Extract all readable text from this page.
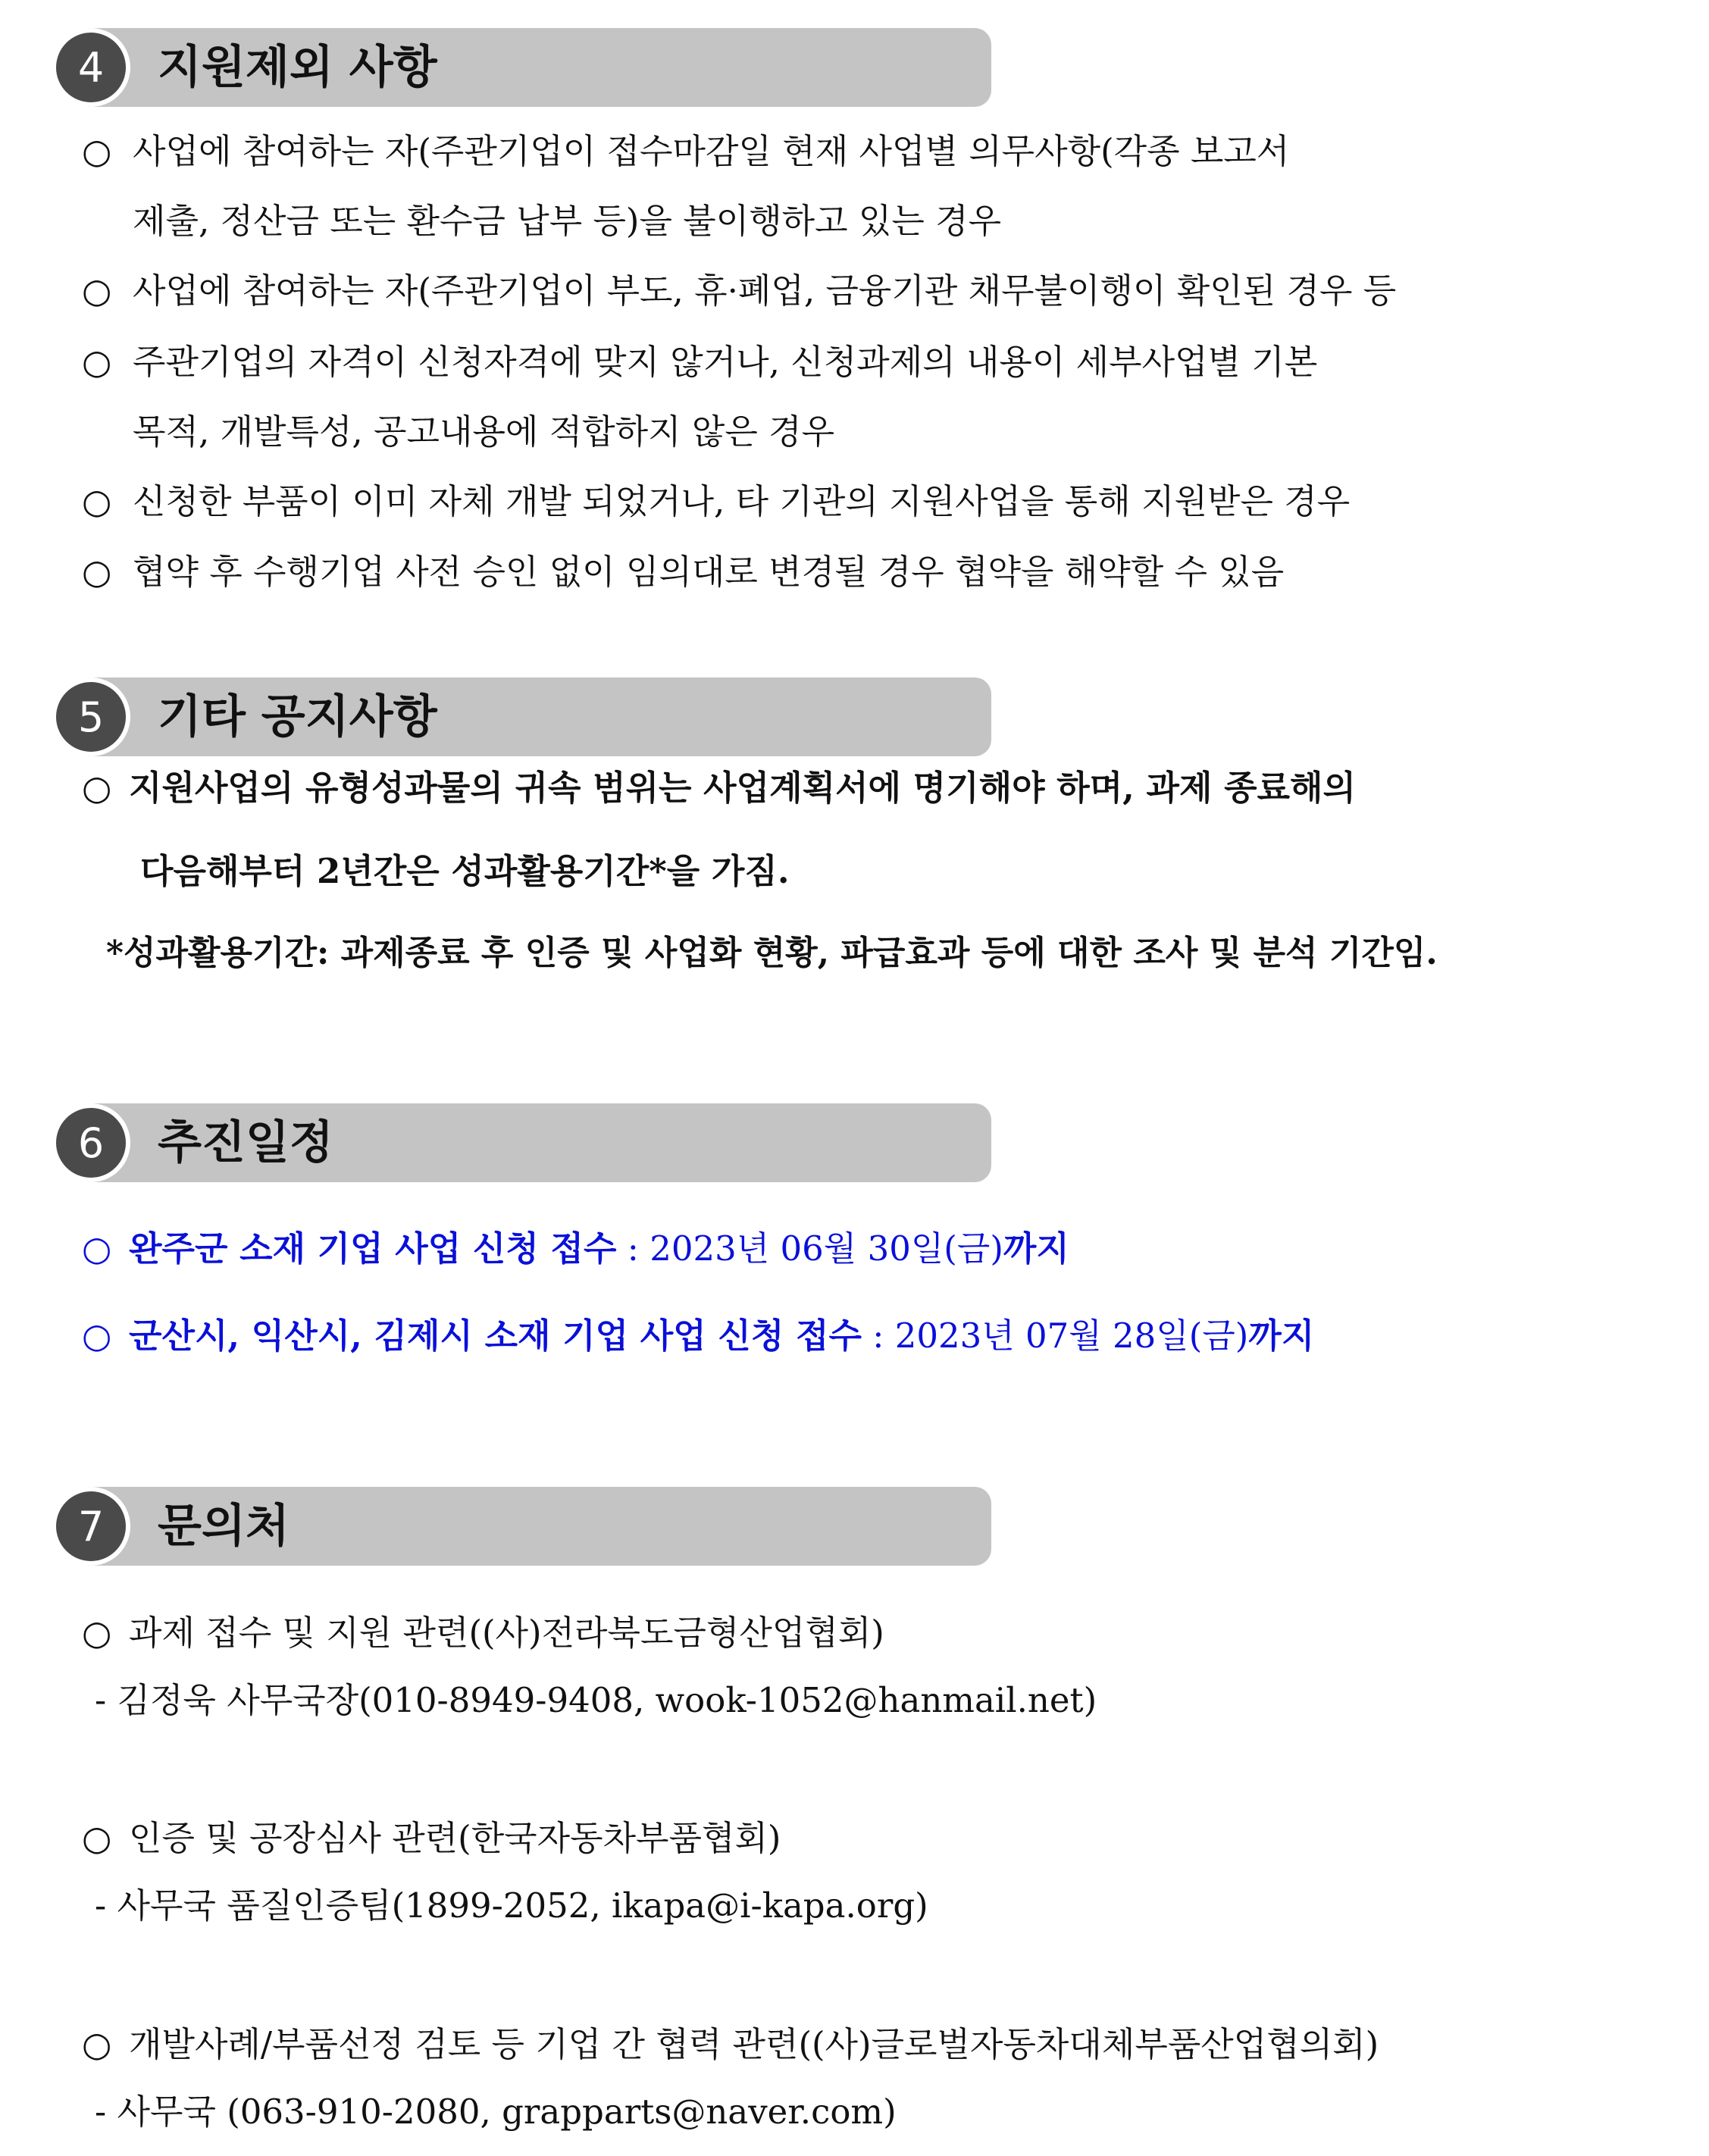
4	지원제외 사항
○ 사업에 참여하는 자(주관기업이 접수마감일 현재 사업별 의무사항(각종 보고서
제출, 정산금 또는 환수금 납부 등)을 불이행하고 있는 경우
○ 사업에 참여하는 자(주관기업이 부도, 휴·폐업, 금융기관 채무불이행이 확인된 경우 등
○ 주관기업의 자격이 신청자격에 맞지 않거나, 신청과제의 내용이 세부사업별 기본
목적, 개발특성, 공고내용에 적합하지 않은 경우
○ 신청한 부품이 이미 자체 개발 되었거나, 타 기관의 지원사업을 통해 지원받은 경우
○ 협약 후 수행기업 사전 승인 없이 임의대로 변경될 경우 협약을 해약할 수 있음
5	기타 공지사항
○ 지원사업의 유형성과물의 귀속 범위는 사업계획서에 명기해야 하며, 과제 종료해의
다음해부터 2년간은 성과활용기간*을 가짐.
*성과활용기간: 과제종료 후 인증 및 사업화 현황, 파급효과 등에 대한 조사 및 분석 기간임.
6	추진일정
○ 완주군 소재 기업 사업 신청 접수 : 2023년 06월 30일(금)까지
○ 군산시, 익산시, 김제시 소재 기업 사업 신청 접수 : 2023년 07월 28일(금)까지
7	문의처
○ 과제 접수 및 지원 관련((사)전라북도금형산업협회)
- 김정욱 사무국장(010-8949-9408, wook-1052@hanmail.net)
○ 인증 및 공장심사 관련(한국자동차부품협회)
- 사무국 품질인증팀(1899-2052, ikapa@i-kapa.org)
○ 개발사례/부품선정 검토 등 기업 간 협력 관련((사)글로벌자동차대체부품산업협의회)
- 사무국 (063-910-2080, grapparts@naver.com)
